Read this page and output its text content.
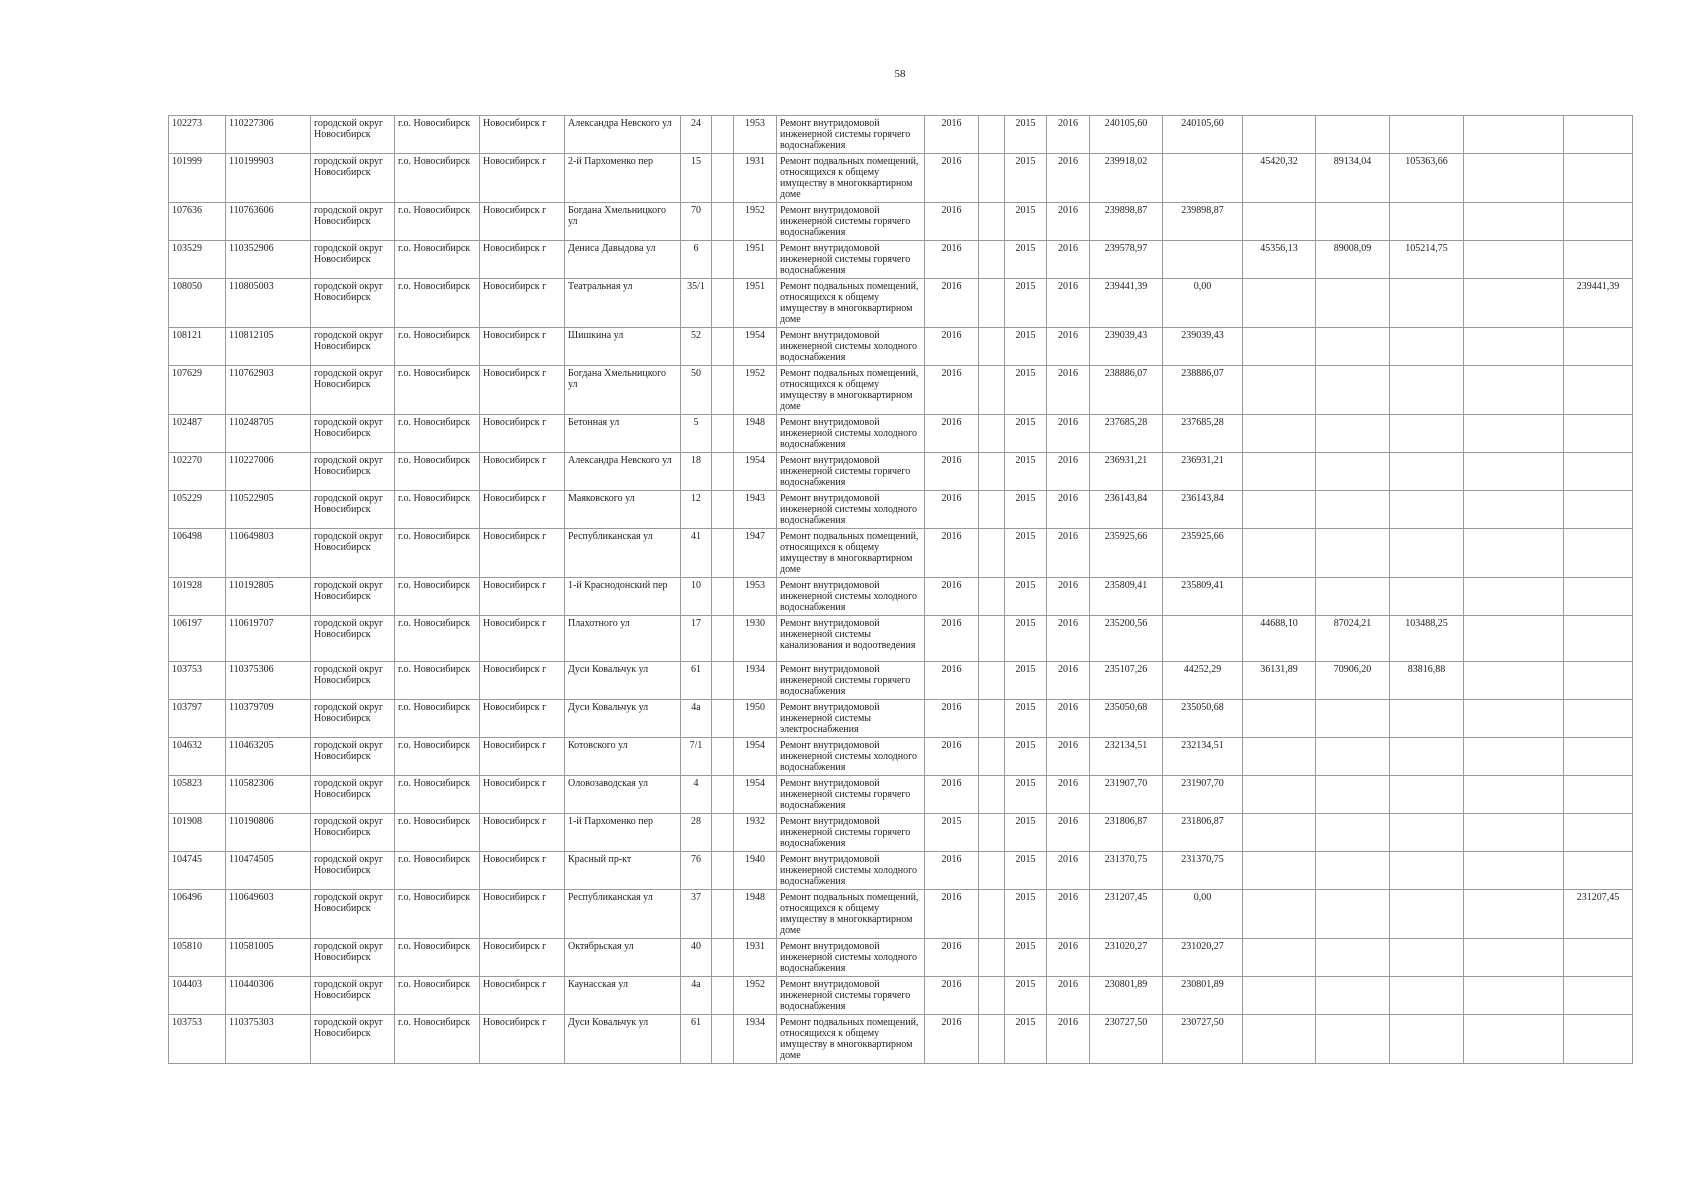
58
102273	110227306	городской округ Новосибирск	г.о. Новосибирск	Новосибирск г	Александра Невского ул	24		1953	Ремонт внутридомовой инженерной системы горячего водоснабжения	2016		2015	2016	240105,60	240105,60					
101999	110199903	городской округ Новосибирск	г.о. Новосибирск	Новосибирск г	2-й Пархоменко пер	15		1931	Ремонт подвальных помещений, относящихся к общему имуществу в многоквартирном доме	2016		2015	2016	239918,02		45420,32	89134,04	105363,66		
107636	110763606	городской округ Новосибирск	г.о. Новосибирск	Новосибирск г	Богдана Хмельницкого ул	70		1952	Ремонт внутридомовой инженерной системы горячего водоснабжения	2016		2015	2016	239898,87	239898,87					
103529	110352906	городской округ Новосибирск	г.о. Новосибирск	Новосибирск г	Дениса Давыдова ул	6		1951	Ремонт внутридомовой инженерной системы горячего водоснабжения	2016		2015	2016	239578,97		45356,13	89008,09	105214,75		
108050	110805003	городской округ Новосибирск	г.о. Новосибирск	Новосибирск г	Театральная ул	35/1		1951	Ремонт подвальных помещений, относящихся к общему имуществу в многоквартирном доме	2016		2015	2016	239441,39	0,00					239441,39
108121	110812105	городской округ Новосибирск	г.о. Новосибирск	Новосибирск г	Шишкина ул	52		1954	Ремонт внутридомовой инженерной системы холодного водоснабжения	2016		2015	2016	239039,43	239039,43					
107629	110762903	городской округ Новосибирск	г.о. Новосибирск	Новосибирск г	Богдана Хмельницкого ул	50		1952	Ремонт подвальных помещений, относящихся к общему имуществу в многоквартирном доме	2016		2015	2016	238886,07	238886,07					
102487	110248705	городской округ Новосибирск	г.о. Новосибирск	Новосибирск г	Бетонная ул	5		1948	Ремонт внутридомовой инженерной системы холодного водоснабжения	2016		2015	2016	237685,28	237685,28					
102270	110227006	городской округ Новосибирск	г.о. Новосибирск	Новосибирск г	Александра Невского ул	18		1954	Ремонт внутридомовой инженерной системы горячего водоснабжения	2016		2015	2016	236931,21	236931,21					
105229	110522905	городской округ Новосибирск	г.о. Новосибирск	Новосибирск г	Маяковского ул	12		1943	Ремонт внутридомовой инженерной системы холодного водоснабжения	2016		2015	2016	236143,84	236143,84					
106498	110649803	городской округ Новосибирск	г.о. Новосибирск	Новосибирск г	Республиканская ул	41		1947	Ремонт подвальных помещений, относящихся к общему имуществу в многоквартирном доме	2016		2015	2016	235925,66	235925,66					
101928	110192805	городской округ Новосибирск	г.о. Новосибирск	Новосибирск г	1-й Краснодонский пер	10		1953	Ремонт внутридомовой инженерной системы холодного водоснабжения	2016		2015	2016	235809,41	235809,41					
106197	110619707	городской округ Новосибирск	г.о. Новосибирск	Новосибирск г	Плахотного ул	17		1930	Ремонт внутридомовой инженерной системы канализования и водоотведения	2016		2015	2016	235200,56		44688,10	87024,21	103488,25		
103753	110375306	городской округ Новосибирск	г.о. Новосибирск	Новосибирск г	Дуси Ковальчук ул	61		1934	Ремонт внутридомовой инженерной системы горячего водоснабжения	2016		2015	2016	235107,26	44252,29	36131,89	70906,20	83816,88		
103797	110379709	городской округ Новосибирск	г.о. Новосибирск	Новосибирск г	Дуси Ковальчук ул	4а		1950	Ремонт внутридомовой инженерной системы электроснабжения	2016		2015	2016	235050,68	235050,68					
104632	110463205	городской округ Новосибирск	г.о. Новосибирск	Новосибирск г	Котовского ул	7/1		1954	Ремонт внутридомовой инженерной системы холодного водоснабжения	2016		2015	2016	232134,51	232134,51					
105823	110582306	городской округ Новосибирск	г.о. Новосибирск	Новосибирск г	Оловозаводская ул	4		1954	Ремонт внутридомовой инженерной системы горячего водоснабжения	2016		2015	2016	231907,70	231907,70					
101908	110190806	городской округ Новосибирск	г.о. Новосибирск	Новосибирск г	1-й Пархоменко пер	28		1932	Ремонт внутридомовой инженерной системы горячего водоснабжения	2015		2015	2016	231806,87	231806,87					
104745	110474505	городской округ Новосибирск	г.о. Новосибирск	Новосибирск г	Красный пр-кт	76		1940	Ремонт внутридомовой инженерной системы холодного водоснабжения	2016		2015	2016	231370,75	231370,75					
106496	110649603	городской округ Новосибирск	г.о. Новосибирск	Новосибирск г	Республиканская ул	37		1948	Ремонт подвальных помещений, относящихся к общему имуществу в многоквартирном доме	2016		2015	2016	231207,45	0,00					231207,45
105810	110581005	городской округ Новосибирск	г.о. Новосибирск	Новосибирск г	Октябрьская ул	40		1931	Ремонт внутридомовой инженерной системы холодного водоснабжения	2016		2015	2016	231020,27	231020,27					
104403	110440306	городской округ Новосибирск	г.о. Новосибирск	Новосибирск г	Каунасская ул	4а		1952	Ремонт внутридомовой инженерной системы горячего водоснабжения	2016		2015	2016	230801,89	230801,89					
103753	110375303	городской округ Новосибирск	г.о. Новосибирск	Новосибирск г	Дуси Ковальчук ул	61		1934	Ремонт подвальных помещений, относящихся к общему имуществу в многоквартирном доме	2016		2015	2016	230727,50	230727,50					
